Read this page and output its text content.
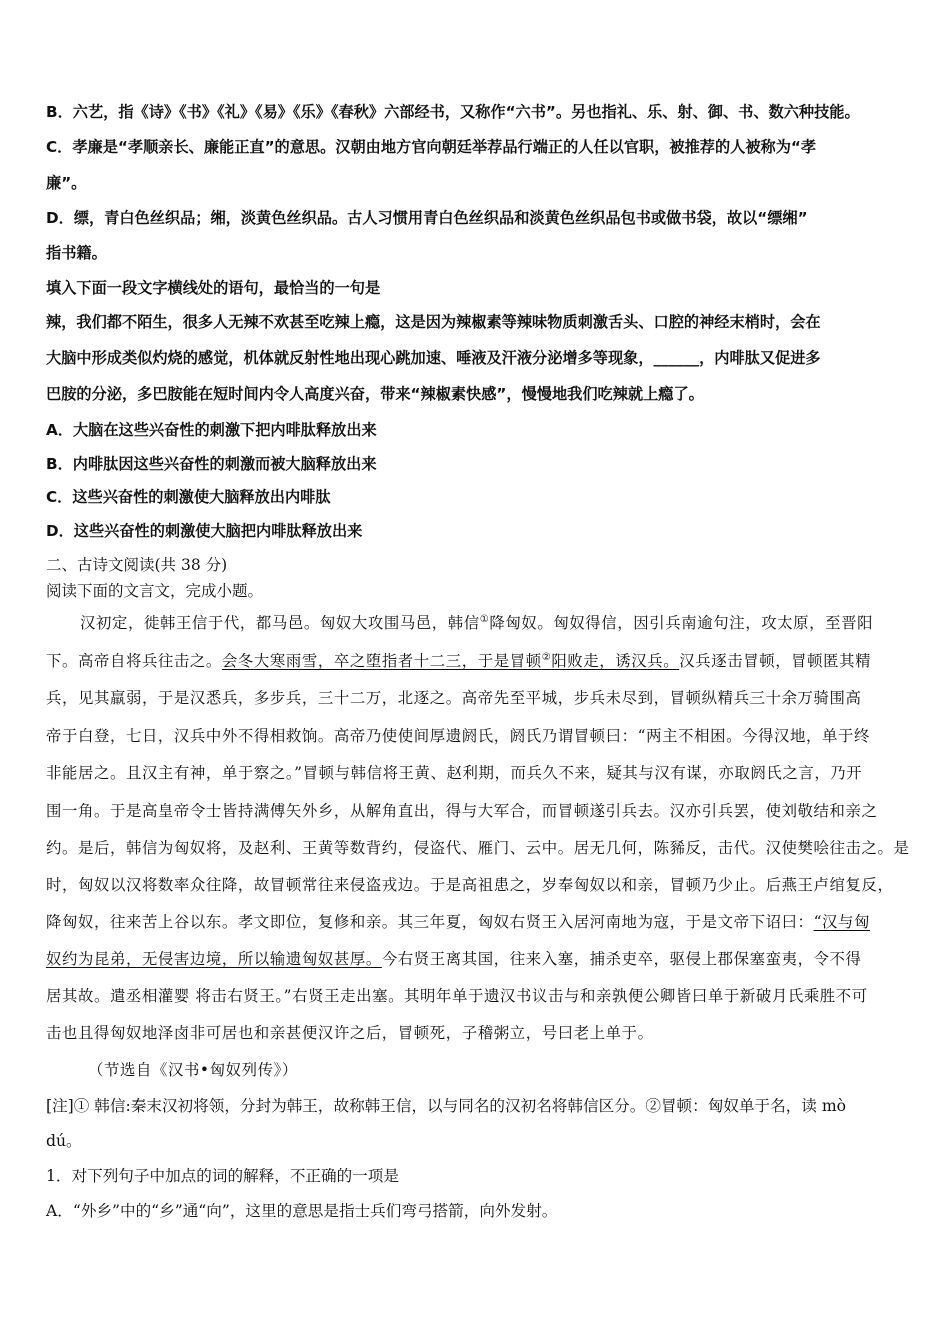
B．六艺，指《诗》《书》《礼》《易》《乐》《春秋》六部经书，又称作“六书”。另也指礼、乐、射、御、书、数六种技能。
C．孝廉是“孝顺亲长、廉能正直”的意思。汉朝由地方官向朝廷举荐品行端正的人任以官职，被推荐的人被称为“孝
廉”。
D．缥，青白色丝织品；缃，淡黄色丝织品。古人习惯用青白色丝织品和淡黄色丝织品包书或做书袋，故以“缥缃”
指书籍。
填入下面一段文字横线处的语句，最恰当的一句是
辣，我们都不陌生，很多人无辣不欢甚至吃辣上瘾，这是因为辣椒素等辣味物质刺激舌头、口腔的神经末梢时，会在
大脑中形成类似灼烧的感觉，机体就反射性地出现心跳加速、唾液及汗液分泌增多等现象，______，内啡肽又促进多
巴胺的分泌，多巴胺能在短时间内令人高度兴奋，带来“辣椒素快感”，慢慢地我们吃辣就上瘾了。
A．大脑在这些兴奋性的刺激下把内啡肽释放出来
B．内啡肽因这些兴奋性的刺激而被大脑释放出来
C．这些兴奋性的刺激使大脑释放出内啡肽
D．这些兴奋性的刺激使大脑把内啡肽释放出来
二、古诗文阅读(共 38 分)
阅读下面的文言文，完成小题。
汉初定，徙韩王信于代，都马邑。匈奴大攻围马邑，韩信①降匈奴。匈奴得信，因引兵南逾句注，攻太原，至晋阳
下。高帝自将兵往击之。会冬大寒雨雪，卒之堕指者十二三，于是冒顿②阳败走，诱汉兵。汉兵逐击冒顿，冒顿匿其精
兵，见其羸弱，于是汉悉兵，多步兵，三十二万，北逐之。高帝先至平城，步兵未尽到，冒顿纵精兵三十余万骑围高
帝于白登，七日，汉兵中外不得相救饷。高帝乃使使间厚遗阏氏，阏氏乃谓冒顿曰：“两主不相困。今得汉地，单于终
非能居之。且汉主有神，单于察之。”冒顿与韩信将王黄、赵利期，而兵久不来，疑其与汉有谋，亦取阏氏之言，乃开
围一角。于是高皇帝令士皆持满傅矢外乡，从解角直出，得与大军合，而冒顿遂引兵去。汉亦引兵罢，使刘敬结和亲之
约。是后，韩信为匈奴将，及赵利、王黄等数背约，侵盗代、雁门、云中。居无几何，陈豨反，击代。汉使樊哙往击之。是
时，匈奴以汉将数率众往降，故冒顿常往来侵盗戎边。于是高祖患之，岁奉匈奴以和亲，冒顿乃少止。后燕王卢绾复反，
降匈奴，往来苦上谷以东。孝文即位，复修和亲。其三年夏，匈奴右贤王入居河南地为寇，于是文帝下诏曰：“汉与匈
奴约为昆弟，无侵害边境，所以输遗匈奴甚厚。今右贤王离其国，往来入塞，捕杀吏卒，驱侵上郡保塞蛮夷，令不得
居其故。遣丞相灌婴 将击右贤王。”右贤王走出塞。其明年单于遗汉书议击与和亲孰便公卿皆曰单于新破月氏乘胜不可
击也且得匈奴地泽卤非可居也和亲甚便汉许之后，冒顿死，子稽粥立，号曰老上单于。
（节选自《汉书•匈奴列传》）
[注]① 韩信:秦末汉初将领，分封为韩王，故称韩王信，以与同名的汉初名将韩信区分。②冒顿：匈奴单于名，读 mò
dú。
1．对下列句子中加点的词的解释，不正确的一项是
A．“外乡”中的“乡”通“向”，这里的意思是指士兵们弯弓搭箭，向外发射。
